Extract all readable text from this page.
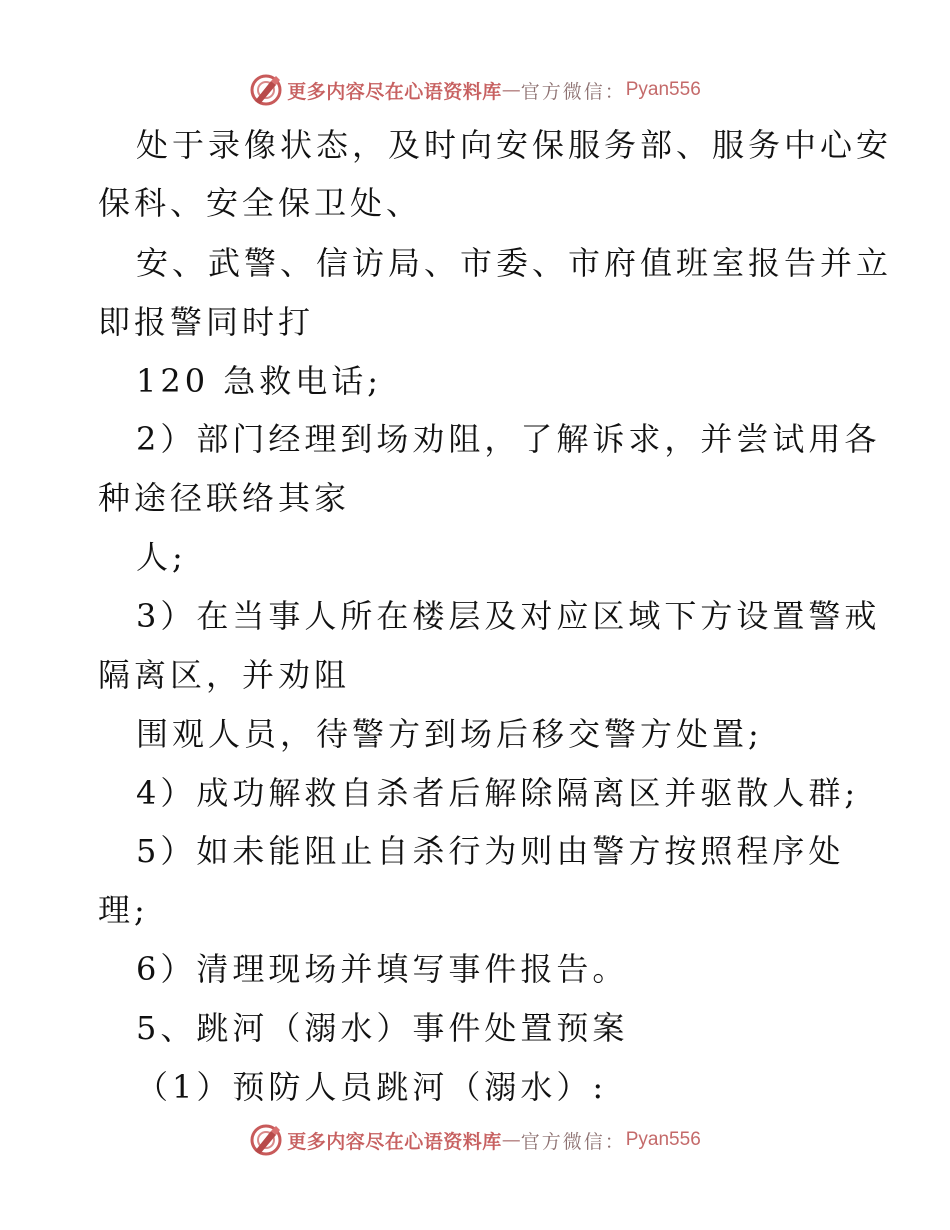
更多内容尽在心语资料库 — 官方微信： Pyan556
处于录像状态，及时向安保服务部、服务中心安
保科、安全保卫处、
安、武警、信访局、市委、市府值班室报告并立
即报警同时打
120 急救电话;
2）部门经理到场劝阻，了解诉求，并尝试用各
种途径联络其家
人;
3）在当事人所在楼层及对应区域下方设置警戒
隔离区，并劝阻
围观人员，待警方到场后移交警方处置;
4）成功解救自杀者后解除隔离区并驱散人群;
5）如未能阻止自杀行为则由警方按照程序处
理;
6）清理现场并填写事件报告。
5、跳河（溺水）事件处置预案
（1）预防人员跳河（溺水）:
更多内容尽在心语资料库 — 官方微信： Pyan556
